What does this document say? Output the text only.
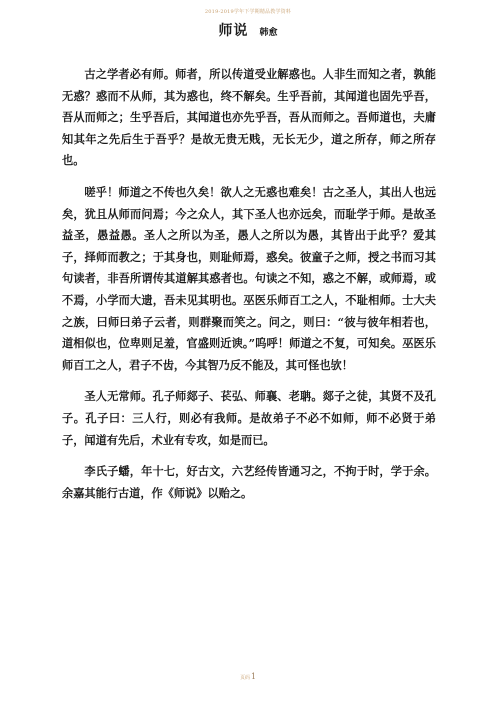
2019-2019学年下学期精品教学资料
师说 韩愈

古之学者必有师。师者，所以传道受业解惑也。人非生而知之者，孰能无惑？惑而不从师，其为惑也，终不解矣。生乎吾前，其闻道也固先乎吾，吾从而师之；生乎吾后，其闻道也亦先乎吾，吾从而师之。吾师道也，夫庸知其年之先后生于吾乎？是故无贵无贱，无长无少，道之所存，师之所存也。

嗟乎！师道之不传也久矣！欲人之无惑也难矣！古之圣人，其出人也远矣，犹且从师而问焉；今之众人，其下圣人也亦远矣，而耻学于师。是故圣益圣，愚益愚。圣人之所以为圣，愚人之所以为愚，其皆出于此乎？爱其子，择师而教之；于其身也，则耻师焉，惑矣。彼童子之师，授之书而习其句读者，非吾所谓传其道解其惑者也。句读之不知，惑之不解，或师焉，或不焉，小学而大遗，吾未见其明也。巫医乐师百工之人，不耻相师。士大夫之族，曰师曰弟子云者，则群聚而笑之。问之，则曰：“彼与彼年相若也，道相似也，位卑则足羞，官盛则近谀。”呜呼！师道之不复，可知矣。巫医乐师百工之人，君子不齿，今其智乃反不能及，其可怪也欤！

圣人无常师。孔子师郯子、苌弘、师襄、老聃。郯子之徒，其贤不及孔子。孔子曰：三人行，则必有我师。是故弟子不必不如师，师不必贤于弟子，闻道有先后，术业有专攻，如是而已。

李氏子蟠，年十七，好古文，六艺经传皆通习之，不拘于时，学于余。余嘉其能行古道，作《师说》以贻之。

页码1
